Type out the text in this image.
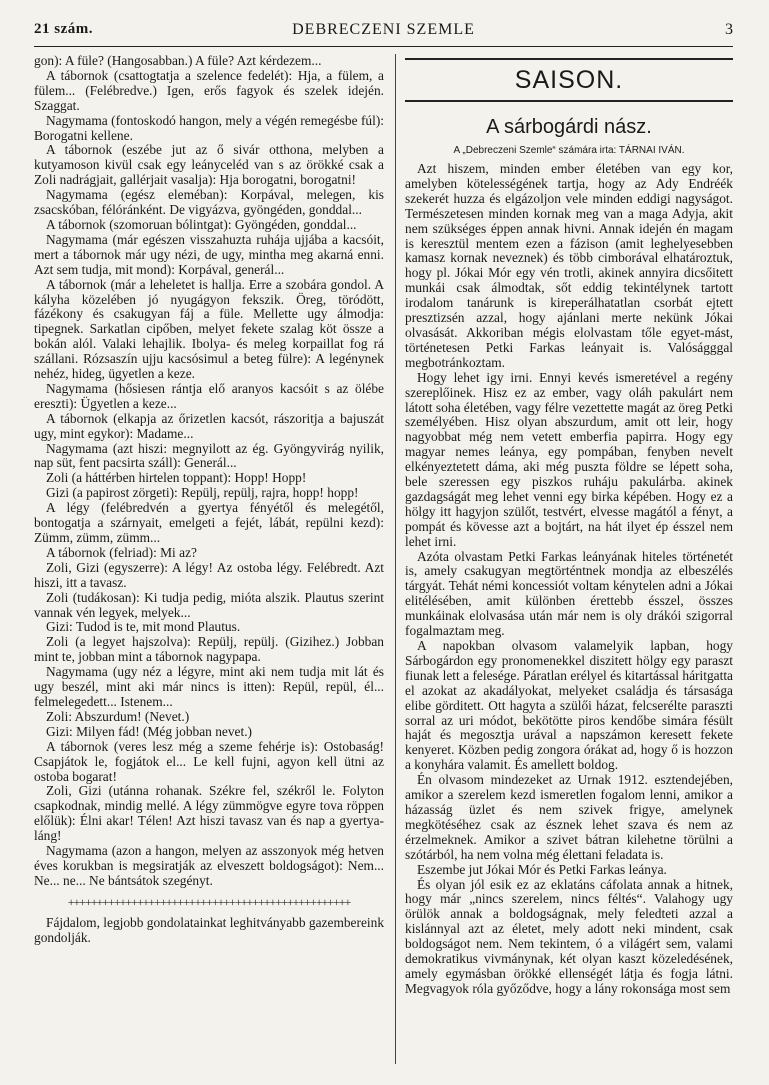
21 szám.	DEBRECZENI SZEMLE	3

gon): A füle? (Hangosabban.) A füle? Azt kérdezem...

A tábornok (csattogtatja a szelence fedelét): Hja, a fülem, a fülem... (Felébredve.) Igen, erős fagyok és szelek idején. Szaggat.

Nagymama (fontoskodó hangon, mely a végén remegésbe fúl): Borogatni kellene.

A tábornok (eszébe jut az ő sivár otthona, melyben a kutyamoson kivül csak egy leányceléd van s az örökké csak a Zoli nadrágjait, gallérjait vasalja): Hja borogatni, borogatni!

Nagymama (egész eleméban): Korpával, melegen, kis zsacskóban, félóránként. De vigyázva, gyöngéden, gonddal...

A tábornok (szomoruan bólintgat): Gyöngéden, gonddal...

Nagymama (már egészen visszahuzta ruhája ujjába a kacsóit, mert a tábornok már ugy nézi, de ugy, mintha meg akarná enni. Azt sem tudja, mit mond): Korpával, generál...

A tábornok (már a leheletet is hallja. Erre a szobára gondol. A kályha közelében jó nyugágyon fekszik. Öreg, töródött, fázékony és csakugyan fáj a füle. Mellette ugy álmodja: tipegnek. Sarkatlan cipőben, melyet fekete szalag köt össze a bokán alól. Valaki lehajlik. Ibolya- és meleg korpaillat fog rá szállani. Rózsaszín ujju kacsósimul a beteg fülre): A legénynek nehéz, hideg, ügyetlen a keze.

Nagymama (hősiesen rántja elő aranyos kacsóit s az ölébe ereszti): Ügyetlen a keze...

A tábornok (elkapja az őrizetlen kacsót, rászoritja a bajuszát ugy, mint egykor): Madame...

Nagymama (azt hiszi: megnyilott az ég. Gyöngyvirág nyilik, nap süt, fent pacsirta száll): Generál...

Zoli (a háttérben hirtelen toppant): Hopp! Hopp!

Gizi (a papirost zörgeti): Repülj, repülj, rajra, hopp! hopp!

A légy (felébredvén a gyertya fényétől és melegétől, bontogatja a szárnyait, emelgeti a fejét, lábát, repülni kezd): Zümm, zümm, zümm...

A tábornok (felriad): Mi az?

Zoli, Gizi (egyszerre): A légy! Az ostoba légy. Felébredt. Azt hiszi, itt a tavasz.

Zoli (tudákosan): Ki tudja pedig, mióta alszik. Plautus szerint vannak vén legyek, melyek...

Gizi: Tudod is te, mit mond Plautus.

Zoli (a legyet hajszolva): Repülj, repülj. (Gizihez.) Jobban mint te, jobban mint a tábornok nagypapa.

Nagymama (ugy néz a légyre, mint aki nem tudja mit lát és ugy beszél, mint aki már nincs is itten): Repül, repül, él... felmelegedett... Istenem...

Zoli: Abszurdum! (Nevet.)

Gizi: Milyen fád! (Még jobban nevet.)

A tábornok (veres lesz még a szeme fehérje is): Ostobaság! Csapjátok le, fogjátok el... Le kell fujni, agyon kell ütni az ostoba bogarat!

Zoli, Gizi (utánna rohanak. Székre fel, székről le. Folyton csapkodnak, mindig mellé. A légy zümmögve egyre tova röppen előlük): Élni akar! Télen! Azt hiszi tavasz van és nap a gyertya-láng!

Nagymama (azon a hangon, melyen az asszonyok még hetven éves korukban is megsiratják az elveszett boldogságot): Nem... Ne... ne... Ne bántsátok szegényt.

+++++++++++++++++++++++++++++++++++++++++++++++++

Fájdalom, legjobb gondolatainkat leghitványabb gazembereink gondolják.

SAISON.
A sárbogárdi nász.
A „Debreczeni Szemle“ számára irta: TÁRNAI IVÁN.

Azt hiszem, minden ember életében van egy kor, amelyben kötelességének tartja, hogy az Ady Endréék szekerét huzza és elgázoljon vele minden eddigi nagyságot. Természetesen minden kornak meg van a maga Adyja, akit nem szükséges éppen annak hivni. Annak idején én magam is keresztül mentem ezen a fázison (amit leghelyesebben kamasz kornak neveznek) és több cimborával elhatároztuk, hogy pl. Jókai Mór egy vén trotli, akinek annyira dicsőitett munkái csak álmodtak, sőt eddig tekintélynek tartott irodalom tanárunk is kireperálhatatlan csorbát ejtett presztizsén azzal, hogy ajánlani merte nekünk Jókai olvasását. Akkoriban mégis elolvastam tőle egyet-mást, történetesen Petki Farkas leányait is. Valóságggal megbotránkoztam.

Hogy lehet igy irni. Ennyi kevés ismeretével a regény szereplőinek. Hisz ez az ember, vagy oláh pakulárt nem látott soha életében, vagy félre vezettette magát az öreg Petki személyében. Hisz olyan abszurdum, amit ott leir, hogy nagyobbat még nem vetett emberfia papirra. Hogy egy magyar nemes leánya, egy pompában, fenyben nevelt elkényeztetett dáma, aki még puszta földre se lépett soha, bele szeressen egy piszkos ruháju pakulárba. akinek gazdagságát meg lehet venni egy birka képében. Hogy ez a hölgy itt hagyjon szülőt, testvért, elvesse magától a fényt, a pompát és kövesse azt a bojtárt, na hát ilyet ép ésszel nem lehet irni.

Azóta olvastam Petki Farkas leányának hiteles történetét is, amely csakugyan megtörténtnek mondja az elbeszélés tárgyát. Tehát némi koncessiót voltam kénytelen adni a Jókai elitélésében, amit különben érettebb ésszel, összes munkáinak elolvasása után már nem is oly drákói szigorral fogalmaztam meg.

A napokban olvasom valamelyik lapban, hogy Sárbogárdon egy pronomenekkel diszitett hölgy egy paraszt fiunak lett a felesége. Páratlan erélyel és kitartással háritgatta el azokat az akadályokat, melyeket családja és társasága elibe görditett. Ott hagyta a szülői házat, felcserélte paraszti sorral az uri módot, bekötötte piros kendőbe simára fésült haját és megosztja urával a napszámon keresett fekete kenyeret. Közben pedig zongora órákat ad, hogy ő is hozzon a konyhára valamit. És amellett boldog.

Én olvasom mindezeket az Urnak 1912. esztendejében, amikor a szerelem kezd ismeretlen fogalom lenni, amikor a házasság üzlet és nem szivek frigye, amelynek megkötéséhez csak az észnek lehet szava és nem az érzelmeknek. Amikor a szivet bátran kilehetne törülni a szótárból, ha nem volna még élettani feladata is.

Eszembe jut Jókai Mór és Petki Farkas leánya.

És olyan jól esik ez az eklatáns cáfolata annak a hitnek, hogy már „nincs szerelem, nincs féltés“. Valahogy ugy örülök annak a boldogságnak, mely feledteti azzal a kislánnyal azt az életet, mely adott neki mindent, csak boldogságot nem. Nem tekintem, ó a világért sem, valami demokratikus vivmánynak, két olyan kaszt közeledésének, amely egymásban örökké ellenségét látja és fogja látni. Megvagyok róla győződve, hogy a lány rokonsága most sem
